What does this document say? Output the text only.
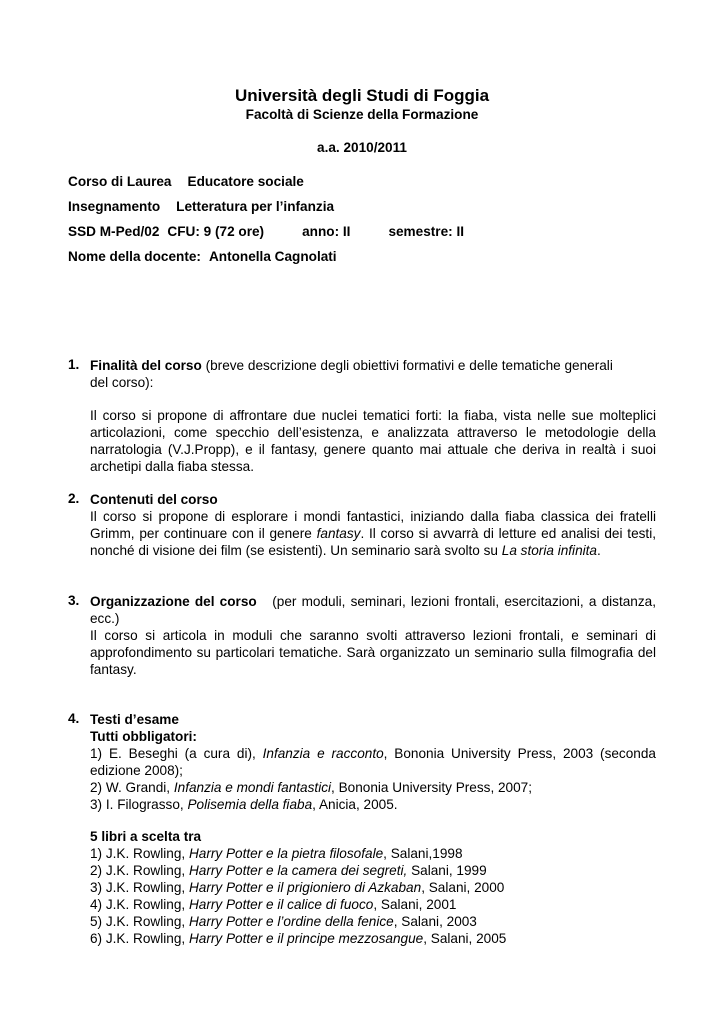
Università degli Studi di Foggia
Facoltà di Scienze della Formazione
a.a. 2010/2011
Corso di Laurea Educatore sociale
Insegnamento Letteratura per l’infanzia
SSD M-Ped/02 CFU: 9 (72 ore)	anno: II	semestre: II
Nome della docente: Antonella Cagnolati
1. Finalità del corso (breve descrizione degli obiettivi formativi e delle tematiche generali
del corso):
Il corso si propone di affrontare due nuclei tematici forti: la fiaba, vista nelle sue molteplici articolazioni, come specchio dell’esistenza, e analizzata attraverso le metodologie della narratologia (V.J.Propp), e il fantasy, genere quanto mai attuale che deriva in realtà i suoi archetipi dalla fiaba stessa.
2. Contenuti del corso
Il corso si propone di esplorare i mondi fantastici, iniziando dalla fiaba classica dei fratelli Grimm, per continuare con il genere fantasy. Il corso si avvarrà di letture ed analisi dei testi, nonché di visione dei film (se esistenti). Un seminario sarà svolto su La storia infinita.
3. Organizzazione del corso (per moduli, seminari, lezioni frontali, esercitazioni, a distanza, ecc.)
Il corso si articola in moduli che saranno svolti attraverso lezioni frontali, e seminari di approfondimento su particolari tematiche. Sarà organizzato un seminario sulla filmografia del fantasy.
4. Testi d’esame
Tutti obbligatori:
1) E. Beseghi (a cura di), Infanzia e racconto, Bononia University Press, 2003 (seconda edizione 2008);
2) W. Grandi, Infanzia e mondi fantastici, Bononia University Press, 2007;
3) I. Filograsso, Polisemia della fiaba, Anicia, 2005.
5 libri a scelta tra
1) J.K. Rowling, Harry Potter e la pietra filosofale, Salani,1998
2) J.K. Rowling, Harry Potter e la camera dei segreti, Salani, 1999
3) J.K. Rowling, Harry Potter e il prigioniero di Azkaban, Salani, 2000
4) J.K. Rowling, Harry Potter e il calice di fuoco, Salani, 2001
5) J.K. Rowling, Harry Potter e l’ordine della fenice, Salani, 2003
6) J.K. Rowling, Harry Potter e il principe mezzosangue, Salani, 2005
